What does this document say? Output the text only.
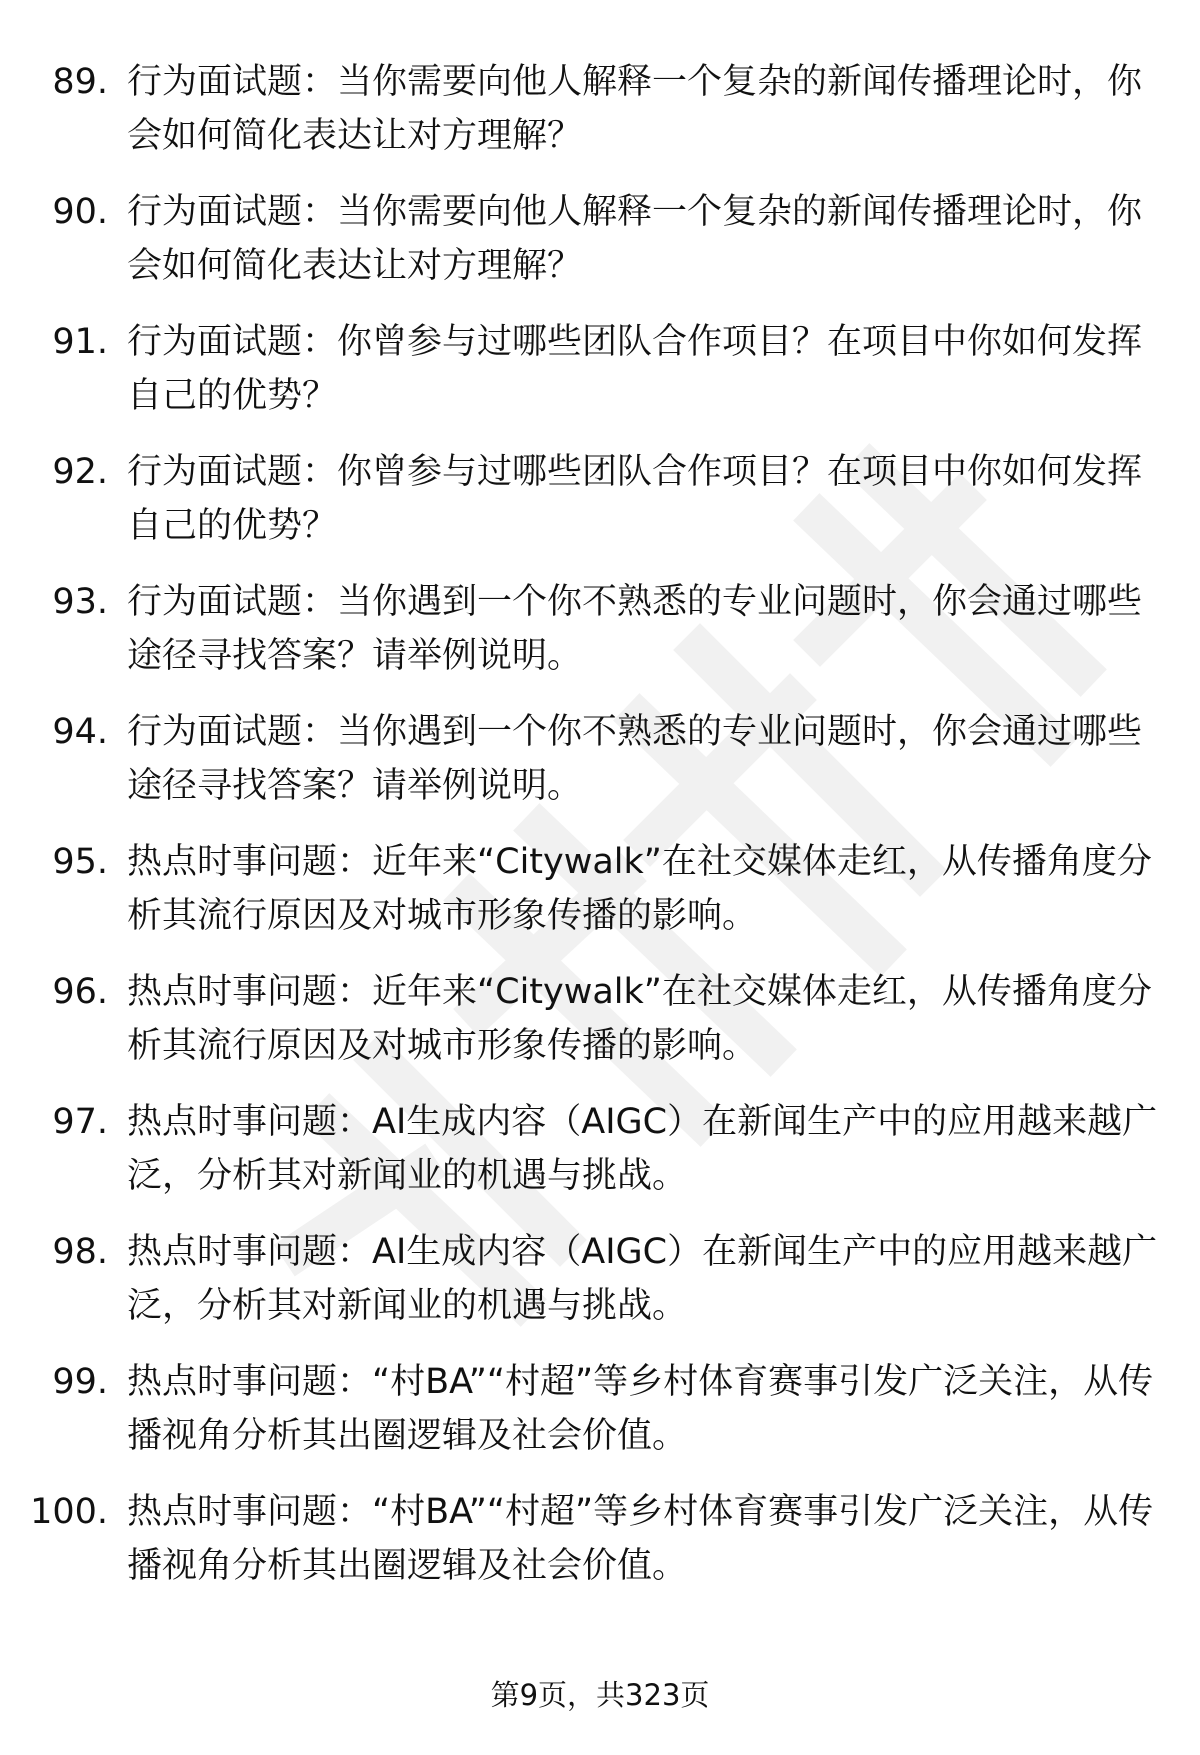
89. 行为面试题：当你需要向他人解释一个复杂的新闻传播理论时，你会如何简化表达让对方理解？
90. 行为面试题：当你需要向他人解释一个复杂的新闻传播理论时，你会如何简化表达让对方理解？
91. 行为面试题：你曾参与过哪些团队合作项目？在项目中你如何发挥自己的优势？
92. 行为面试题：你曾参与过哪些团队合作项目？在项目中你如何发挥自己的优势？
93. 行为面试题：当你遇到一个你不熟悉的专业问题时，你会通过哪些途径寻找答案？请举例说明。
94. 行为面试题：当你遇到一个你不熟悉的专业问题时，你会通过哪些途径寻找答案？请举例说明。
95. 热点时事问题：近年来“Citywalk”在社交媒体走红，从传播角度分析其流行原因及对城市形象传播的影响。
96. 热点时事问题：近年来“Citywalk”在社交媒体走红，从传播角度分析其流行原因及对城市形象传播的影响。
97. 热点时事问题：AI生成内容（AIGC）在新闻生产中的应用越来越广泛，分析其对新闻业的机遇与挑战。
98. 热点时事问题：AI生成内容（AIGC）在新闻生产中的应用越来越广泛，分析其对新闻业的机遇与挑战。
99. 热点时事问题：“村BA”“村超”等乡村体育赛事引发广泛关注，从传播视角分析其出圈逻辑及社会价值。
100. 热点时事问题：“村BA”“村超”等乡村体育赛事引发广泛关注，从传播视角分析其出圈逻辑及社会价值。
第9页，共323页
